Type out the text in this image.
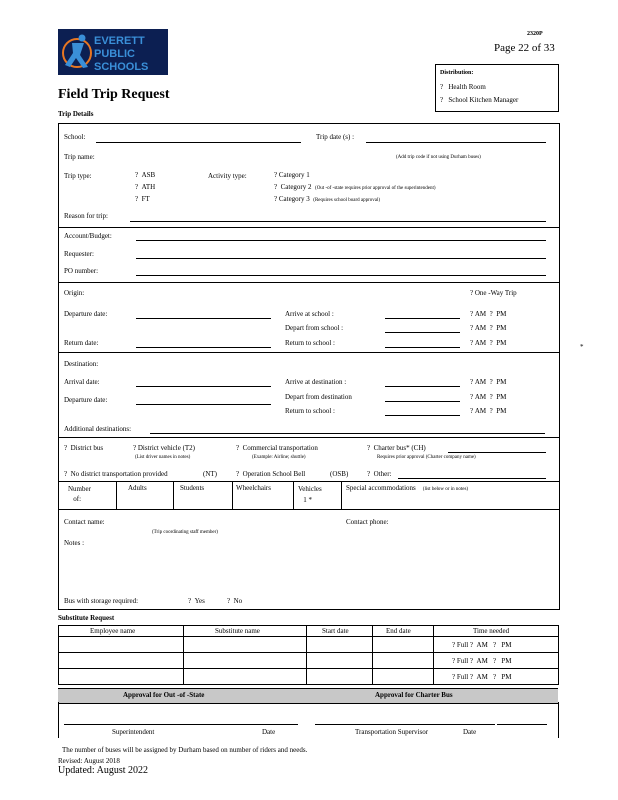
EVERETT
PUBLIC
SCHOOLS
2320P
Page 22 of 33
Distribution:
? Health Room
? School Kitchen Manager
Field Trip Request
Trip Details
School:	Trip date (s) :
Trip name:	(Add trip code if not using Durham buses)
Trip type:	?  ASB
?  ATH
?  FT
Activity type:	? Category 1
?  Category 2 (Out -of -state requires prior approval of the superintendent)
? Category 3 (Requires school board approval)
Reason for trip:
Account/Budget:
Requester:
PO number:
Origin:	? One -Way Trip
Departure date:	Arrive at school :	? AM  ?  PM
Depart from school :	? AM  ?  PM
Return date:	Return to school :	? AM  ?  PM
Destination:
Arrival date:	Arrive at destination :	? AM  ?  PM
Departure date:	Depart from destination	? AM  ?  PM
Return to school :	? AM  ?  PM
Additional destinations:
?  District bus	? District vehicle (T2)
(List driver names in notes)
?  Commercial transportation
(Example: Airline; shuttle)
?  Charter bus* (CH)
Requires prior approval (Charter company name)
?  No district transportation provided	(NT)	?  Operation School Bell	(OSB)	?  Other:
Number
of:
Adults	Students	Wheelchairs	Vehicles
1 *
Special accommodations (list below or in notes)
Contact name:
(Trip coordinating staff member)
Contact phone:
Notes :
Bus with storage required:	?  Yes	?  No
Substitute Request
Employee name	Substitute name	Start date	End date	Time needed
? Full ?  AM   ?   PM
? Full ?  AM   ?   PM
? Full ?  AM   ?   PM
Approval for Out -of -State	Approval for Charter Bus
Superintendent	Date	Transportation Supervisor	Date
The number of buses will be assigned by Durham based on number of riders and needs.
Revised: August 2018
Updated: August 2022
*
